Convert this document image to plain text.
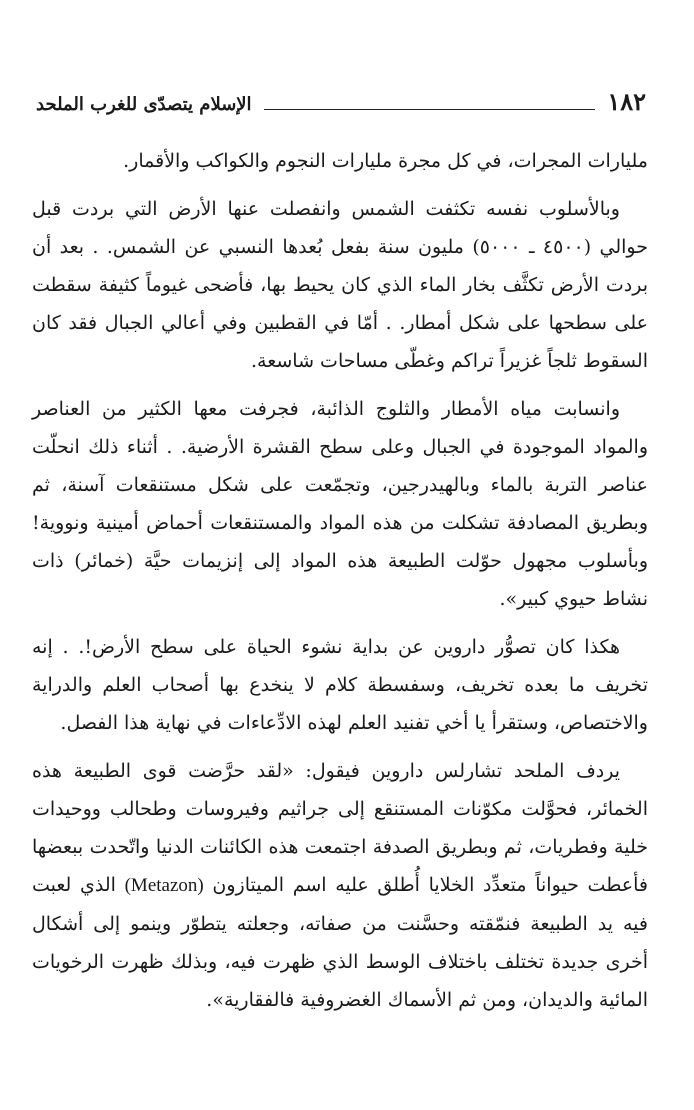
١٨٢
الإسلام يتصدّى للغرب الملحد

مليارات المجرات، في كل مجرة مليارات النجوم والكواكب والأقمار.

وبالأسلوب نفسه تكثفت الشمس وانفصلت عنها الأرض التي بردت قبل حوالي (٤٥٠٠ ـ ٥٠٠٠) مليون سنة بفعل بُعدها النسبي عن الشمس. . بعد أن بردت الأرض تكثَّف بخار الماء الذي كان يحيط بها، فأضحى غيوماً كثيفة سقطت على سطحها على شكل أمطار. . أمّا في القطبين وفي أعالي الجبال فقد كان السقوط ثلجاً غزيراً تراكم وغطّى مساحات شاسعة.

وانسابت مياه الأمطار والثلوج الذائبة، فجرفت معها الكثير من العناصر والمواد الموجودة في الجبال وعلى سطح القشرة الأرضية. . أثناء ذلك انحلّت عناصر التربة بالماء وبالهيدرجين، وتجمّعت على شكل مستنقعات آسنة، ثم وبطريق المصادفة تشكلت من هذه المواد والمستنقعات أحماض أمينية ونووية! وبأسلوب مجهول حوّلت الطبيعة هذه المواد إلى إنزيمات حيَّة (خمائر) ذات نشاط حيوي كبير».

هكذا كان تصوُّر داروين عن بداية نشوء الحياة على سطح الأرض!. . إنه تخريف ما بعده تخريف، وسفسطة كلام لا ينخدع بها أصحاب العلم والدراية والاختصاص، وستقرأ يا أخي تفنيد العلم لهذه الادِّعاءات في نهاية هذا الفصل.

يردف الملحد تشارلس داروين فيقول: «لقد حرَّضت قوى الطبيعة هذه الخمائر، فحوَّلت مكوّنات المستنقع إلى جراثيم وفيروسات وطحالب ووحيدات خلية وفطريات، ثم وبطريق الصدفة اجتمعت هذه الكائنات الدنيا واتّحدت ببعضها فأعطت حيواناً متعدِّد الخلايا أُطلق عليه اسم الميتازون (Metazon) الذي لعبت فيه يد الطبيعة فنمّقته وحسَّنت من صفاته، وجعلته يتطوّر وينمو إلى أشكال أخرى جديدة تختلف باختلاف الوسط الذي ظهرت فيه، وبذلك ظهرت الرخويات المائية والديدان، ومن ثم الأسماك الغضروفية فالفقارية».
